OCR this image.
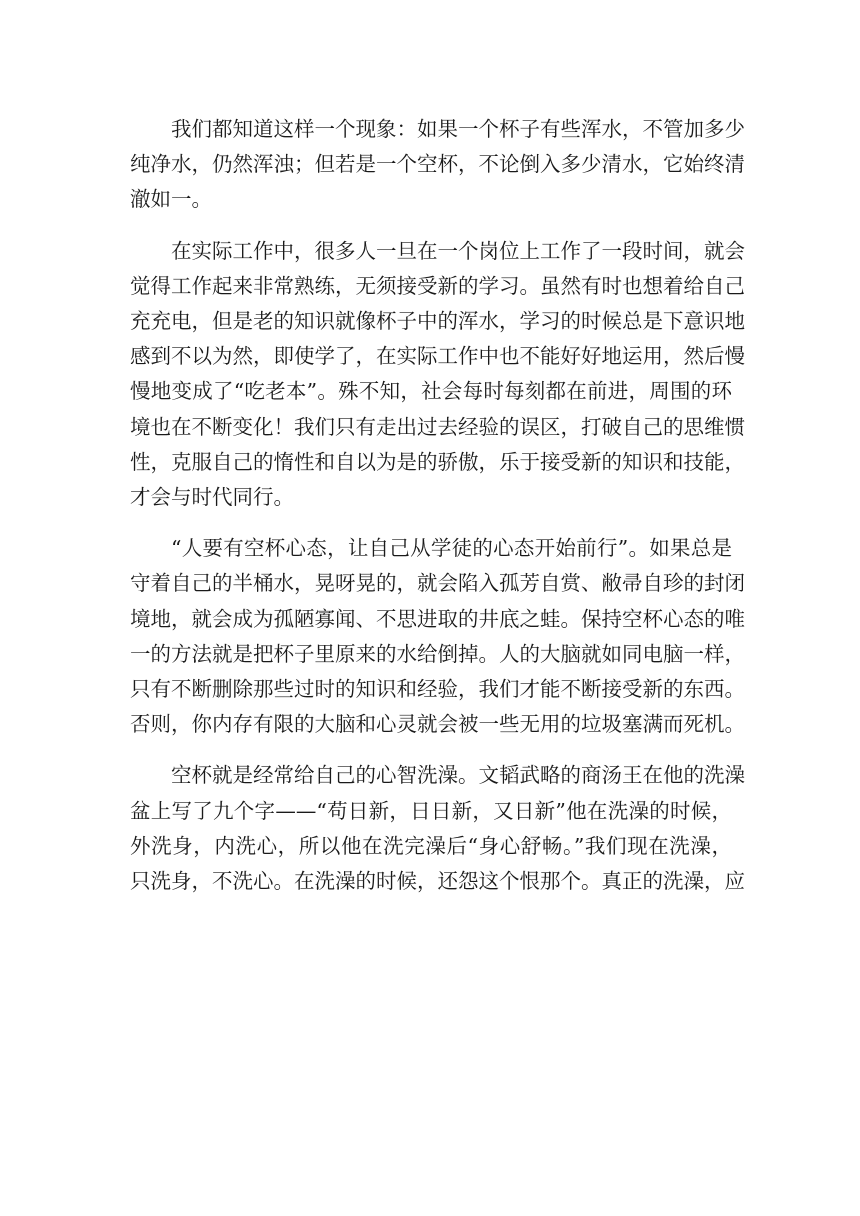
我们都知道这样一个现象：如果一个杯子有些浑水，不管加多少
纯净水，仍然浑浊；但若是一个空杯，不论倒入多少清水，它始终清
澈如一。
在实际工作中，很多人一旦在一个岗位上工作了一段时间，就会
觉得工作起来非常熟练，无须接受新的学习。虽然有时也想着给自己
充充电，但是老的知识就像杯子中的浑水，学习的时候总是下意识地
感到不以为然，即使学了，在实际工作中也不能好好地运用，然后慢
慢地变成了“吃老本”。殊不知，社会每时每刻都在前进，周围的环
境也在不断变化！我们只有走出过去经验的误区，打破自己的思维惯
性，克服自己的惰性和自以为是的骄傲，乐于接受新的知识和技能，
才会与时代同行。
“人要有空杯心态，让自己从学徒的心态开始前行”。如果总是
守着自己的半桶水，晃呀晃的，就会陷入孤芳自赏、敝帚自珍的封闭
境地，就会成为孤陋寡闻、不思进取的井底之蛙。保持空杯心态的唯
一的方法就是把杯子里原来的水给倒掉。人的大脑就如同电脑一样，
只有不断删除那些过时的知识和经验，我们才能不断接受新的东西。
否则，你内存有限的大脑和心灵就会被一些无用的垃圾塞满而死机。
空杯就是经常给自己的心智洗澡。文韬武略的商汤王在他的洗澡
盆上写了九个字——“苟日新，日日新，又日新”他在洗澡的时候，
外洗身，内洗心，所以他在洗完澡后“身心舒畅。”我们现在洗澡，
只洗身，不洗心。在洗澡的时候，还怨这个恨那个。真正的洗澡，应
